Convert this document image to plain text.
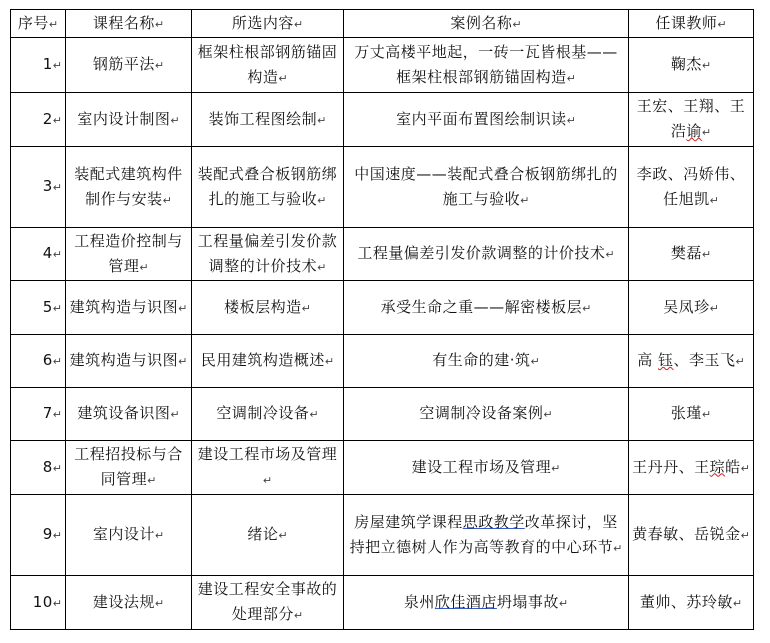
序号↵	课程名称↵	所选内容↵	案例名称↵	任课教师↵
1↵	钢筋平法↵	框架柱根部钢筋锚固构造↵	万丈高楼平地起，一砖一瓦皆根基——框架柱根部钢筋锚固构造↵	鞠杰↵
2↵	室内设计制图↵	装饰工程图绘制↵	室内平面布置图绘制识读↵	王宏、王翔、王浩谕↵
3↵	装配式建筑构件制作与安装↵	装配式叠合板钢筋绑扎的施工与验收↵	中国速度——装配式叠合板钢筋绑扎的施工与验收↵	李政、冯娇伟、任旭凯↵
4↵	工程造价控制与管理↵	工程量偏差引发价款调整的计价技术↵	工程量偏差引发价款调整的计价技术↵	樊磊↵
5↵	建筑构造与识图↵	楼板层构造↵	承受生命之重——解密楼板层↵	吴凤珍↵
6↵	建筑构造与识图↵	民用建筑构造概述↵	有生命的建·筑↵	高 钰、李玉飞↵
7↵	建筑设备识图↵	空调制冷设备↵	空调制冷设备案例↵	张瑾↵
8↵	工程招投标与合同管理↵	建设工程市场及管理↵	建设工程市场及管理↵	王丹丹、王琮皓↵
9↵	室内设计↵	绪论↵	房屋建筑学课程思政教学改革探讨，坚持把立德树人作为高等教育的中心环节↵	黄春敏、岳锐金↵
10↵	建设法规↵	建设工程安全事故的处理部分↵	泉州欣佳酒店坍塌事故↵	董帅、苏玲敏↵
